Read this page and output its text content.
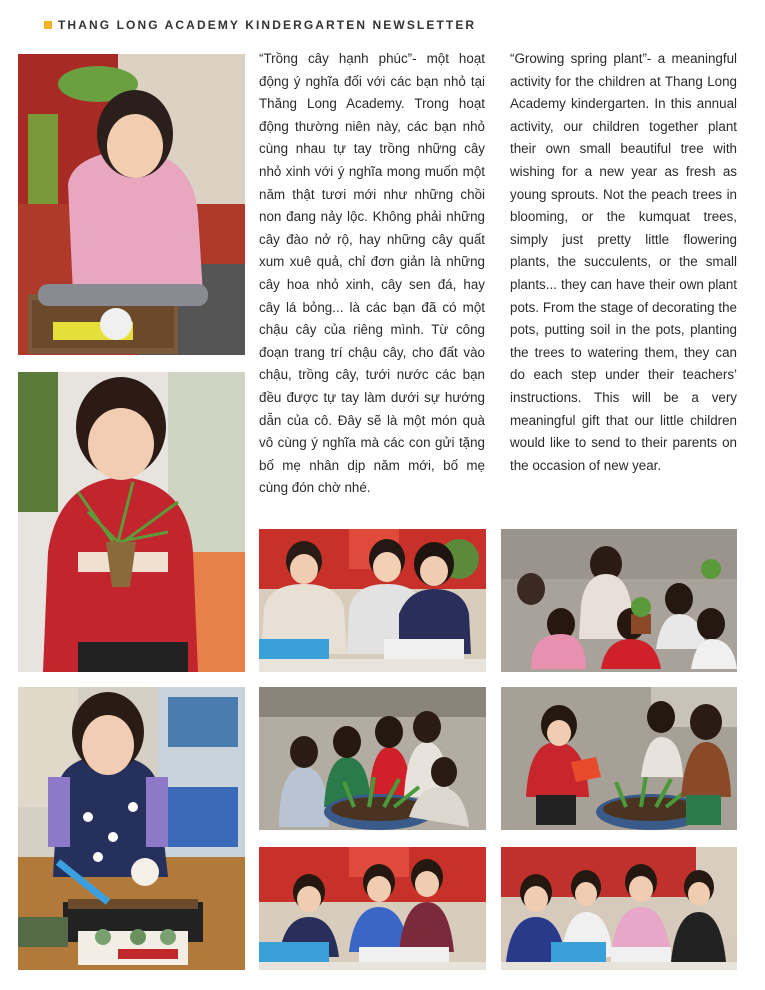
THANG LONG ACADEMY KINDERGARTEN NEWSLETTER

“Trồng cây hạnh phúc”- một hoạt động ý nghĩa đối với các bạn nhỏ tại Thăng Long Academy. Trong hoạt động thường niên này, các bạn nhỏ cùng nhau tự tay trồng những cây nhỏ xinh với ý nghĩa mong muốn một năm thật tươi mới như những chồi non đang nảy lộc. Không phải những cây đào nở rộ, hay những cây quất xum xuê quả, chỉ đơn giản là những cây hoa nhỏ xinh, cây sen đá, hay cây lá bỏng... là các bạn đã có một chậu cây của riêng mình. Từ công đoạn trang trí chậu cây, cho đất vào chậu, trồng cây, tưới nước các bạn đều được tự tay làm dưới sự hướng dẫn của cô. Đây sẽ là một món quà vô cùng ý nghĩa mà các con gửi tặng bố mẹ nhân dịp năm mới, bố mẹ cùng đón chờ nhé.

“Growing spring plant”- a meaningful activity for the children at Thang Long Academy kindergarten. In this annual activity, our children together plant their own small beautiful tree with wishing for a new year as fresh as young sprouts. Not the peach trees in blooming, or the kumquat trees, simply just pretty little flowering plants, the succulents, or the small plants... they can have their own plant pots. From the stage of decorating the pots, putting soil in the pots, planting the trees to watering them, they can do each step under their teachers’ instructions. This will be a very meaningful gift that our little children would like to send to their parents on the occasion of new year.
